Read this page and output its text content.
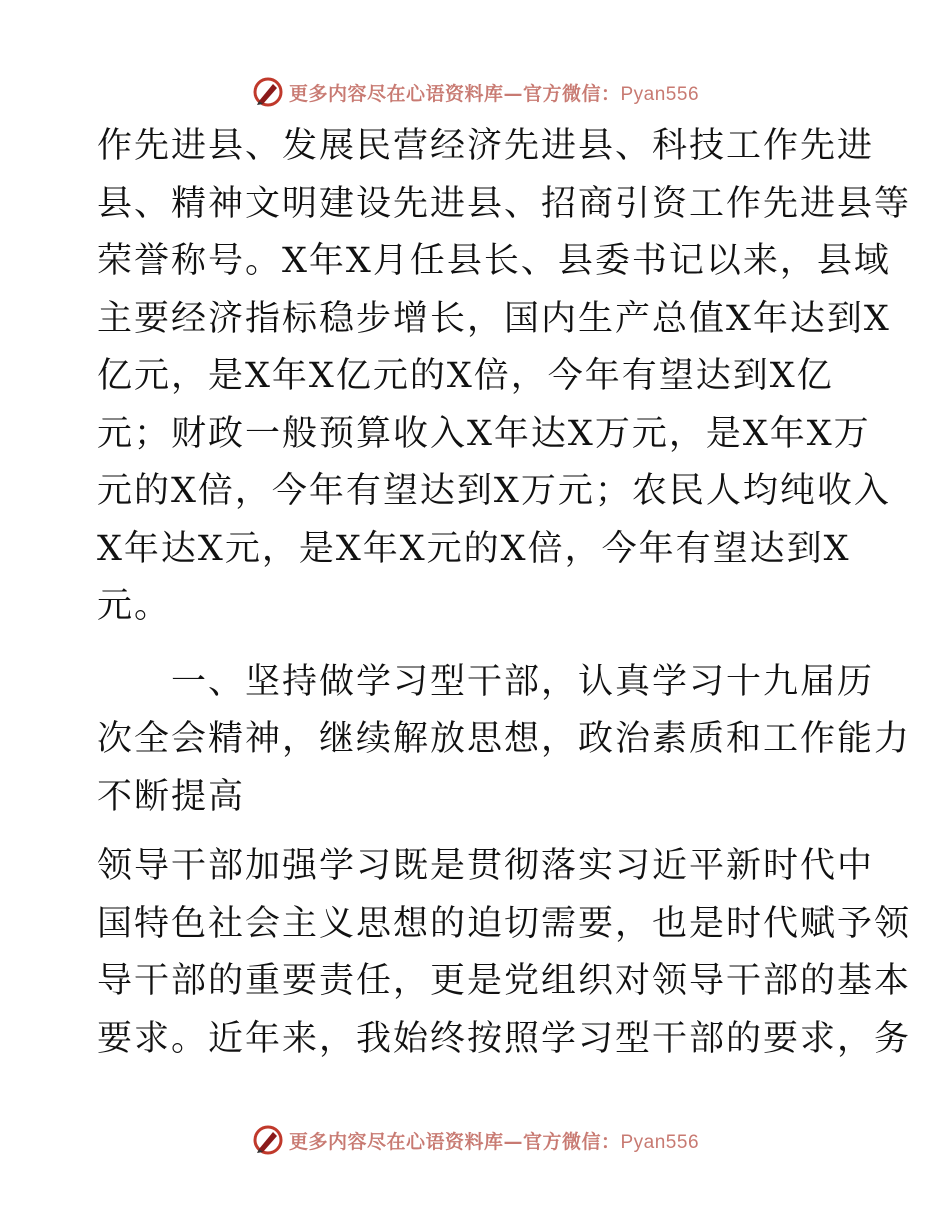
更多内容尽在心语资料库—官方微信：Pyan556
作先进县、发展民营经济先进县、科技工作先进
县、精神文明建设先进县、招商引资工作先进县等
荣誉称号。X年X月任县长、县委书记以来，县域
主要经济指标稳步增长，国内生产总值X年达到X
亿元，是X年X亿元的X倍，今年有望达到X亿
元；财政一般预算收入X年达X万元，是X年X万
元的X倍，今年有望达到X万元；农民人均纯收入
X年达X元，是X年X元的X倍，今年有望达到X
元。
　　一、坚持做学习型干部，认真学习十九届历
次全会精神，继续解放思想，政治素质和工作能力
不断提高
领导干部加强学习既是贯彻落实习近平新时代中
国特色社会主义思想的迫切需要，也是时代赋予领
导干部的重要责任，更是党组织对领导干部的基本
要求。近年来，我始终按照学习型干部的要求，务
更多内容尽在心语资料库—官方微信：Pyan556
